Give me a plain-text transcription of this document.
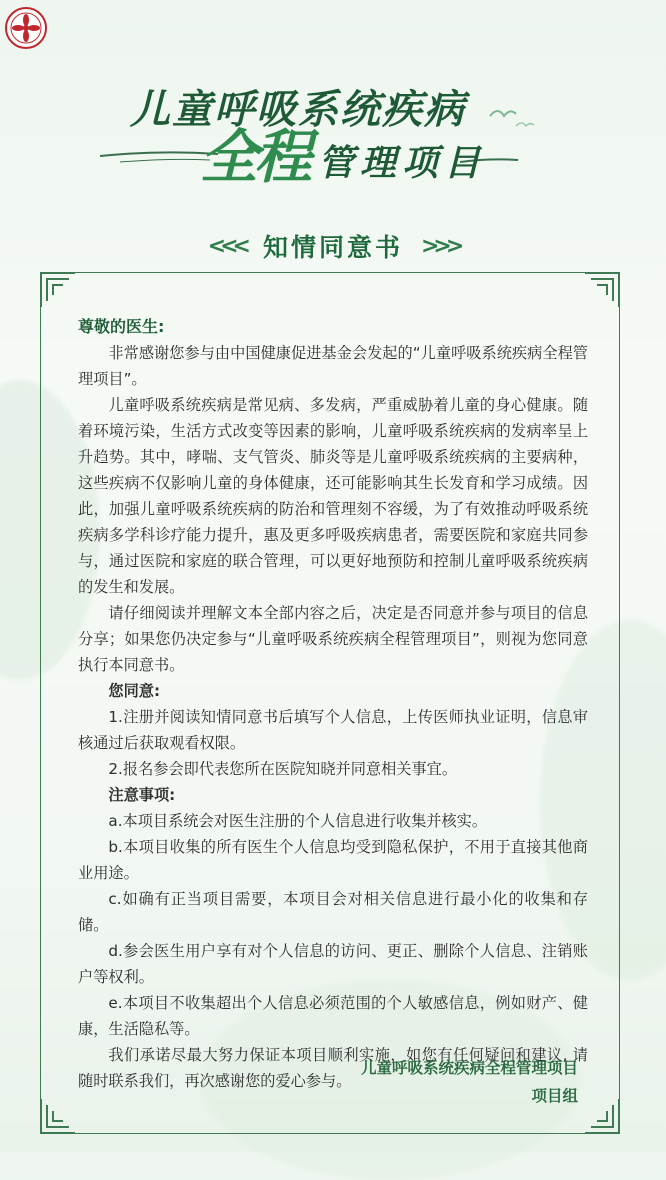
儿童呼吸系统疾病
全程 管理项目
<<< 知情同意书 >>>

尊敬的医生:

非常感谢您参与由中国健康促进基金会发起的“儿童呼吸系统疾病全程管理项目”。

儿童呼吸系统疾病是常见病、多发病，严重威胁着儿童的身心健康。随着环境污染，生活方式改变等因素的影响，儿童呼吸系统疾病的发病率呈上升趋势。其中，哮喘、支气管炎、肺炎等是儿童呼吸系统疾病的主要病种，这些疾病不仅影响儿童的身体健康，还可能影响其生长发育和学习成绩。因此，加强儿童呼吸系统疾病的防治和管理刻不容缓，为了有效推动呼吸系统疾病多学科诊疗能力提升，惠及更多呼吸疾病患者，需要医院和家庭共同参与，通过医院和家庭的联合管理，可以更好地预防和控制儿童呼吸系统疾病的发生和发展。

请仔细阅读并理解文本全部内容之后，决定是否同意并参与项目的信息分享；如果您仍决定参与“儿童呼吸系统疾病全程管理项目”，则视为您同意执行本同意书。

您同意:

1.注册并阅读知情同意书后填写个人信息，上传医师执业证明，信息审核通过后获取观看权限。

2.报名参会即代表您所在医院知晓并同意相关事宜。

注意事项:

a.本项目系统会对医生注册的个人信息进行收集并核实。

b.本项目收集的所有医生个人信息均受到隐私保护，不用于直接其他商业用途。

c.如确有正当项目需要，本项目会对相关信息进行最小化的收集和存储。

d.参会医生用户享有对个人信息的访问、更正、删除个人信息、注销账户等权利。

e.本项目不收集超出个人信息必须范围的个人敏感信息，例如财产、健康，生活隐私等。

我们承诺尽最大努力保证本项目顺利实施，如您有任何疑问和建议, 请随时联系我们，再次感谢您的爱心参与。

儿童呼吸系统疾病全程管理项目
项目组
